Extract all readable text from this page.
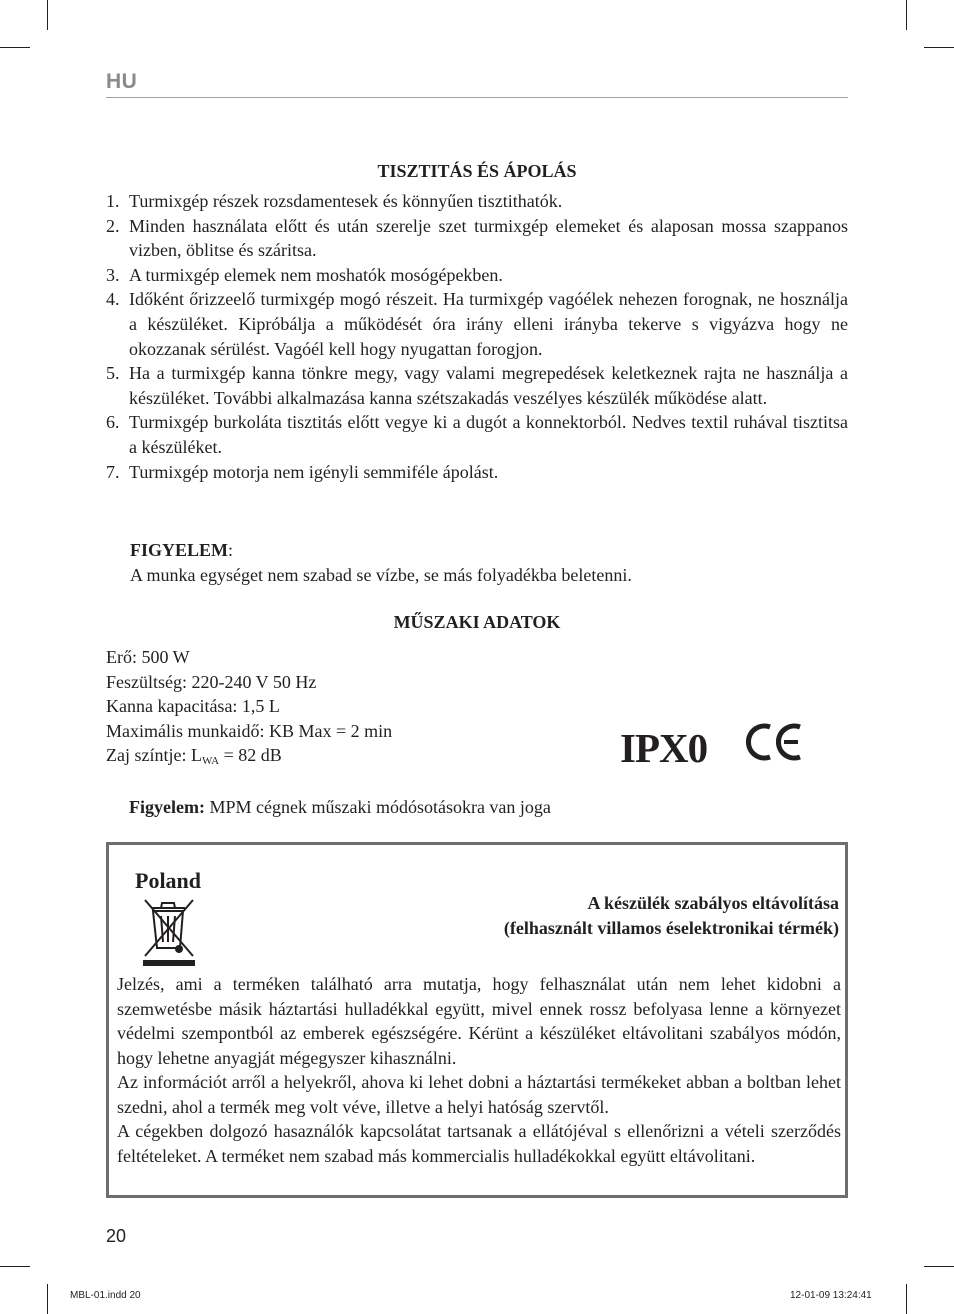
HU
TISZTITÁS ÉS ÁPOLÁS
1. Turmixgép részek rozsdamentesek és könnyűen tisztithatók.
2. Minden használata előtt és után szerelje szet turmixgép elemeket és alaposan mossa szappanos vizben, öblitse és száritsa.
3. A turmixgép elemek nem moshatók mosógépekben.
4. Időként őrizzeelő turmixgép mogó részeit. Ha turmixgép vagóélek nehezen forognak, ne hosználja a készüléket. Kipróbálja a működését óra irány elleni irányba tekerve s vigyázva hogy ne okozzanak sérülést. Vagóél kell hogy nyugattan forogjon.
5. Ha a turmixgép kanna tönkre megy, vagy valami megrepedések keletkeznek rajta ne használja a készüléket. További alkalmazása kanna szétszakadás veszélyes készülék működése alatt.
6. Turmixgép burkoláta tisztitás előtt vegye ki a dugót a konnektorból. Nedves textil ruhával tisztitsa a készüléket.
7. Turmixgép motorja nem igényli semmiféle ápolást.
FIGYELEM:
A munka egységet nem szabad se vízbe, se más folyadékba beletenni.
MŰSZAKI ADATOK
Erő: 500 W
Feszültség: 220-240 V 50 Hz
Kanna kapacitása: 1,5 L
Maximális munkaidő: KB Max = 2 min
Zaj színtje: $L_{WA} = 82$ dB	IPX0
Figyelem: MPM cégnek műszaki módósotásokra van joga
Poland
A készülék szabályos eltávolítása
(felhasznált villamos éselektronikai térmék)

Jelzés, ami a terméken található arra mutatja, hogy felhasználat után nem lehet kidobni a szemwetésbe másik háztartási hulladékkal együtt, mivel ennek rossz befolyasa lenne a környezet védelmi szempontból az emberek egészségére. Kérünt a készüléket eltávolitani szabályos módón, hogy lehetne anyagját mégegyszer kihasználni.

Az információt arről a helyekről, ahova ki lehet dobni a háztartási termékeket abban a boltban lehet szedni, ahol a termék meg volt véve, illetve a helyi hatóság szervtől.

A cégekben dolgozó hasaználók kapcsolátat tartsanak a ellátójéval s ellenőrizni a vételi szerződés feltételeket. A terméket nem szabad más kommercialis hulladékokkal együtt eltávolitani.

20
MBL-01.indd 20	12-01-09 13:24:41
